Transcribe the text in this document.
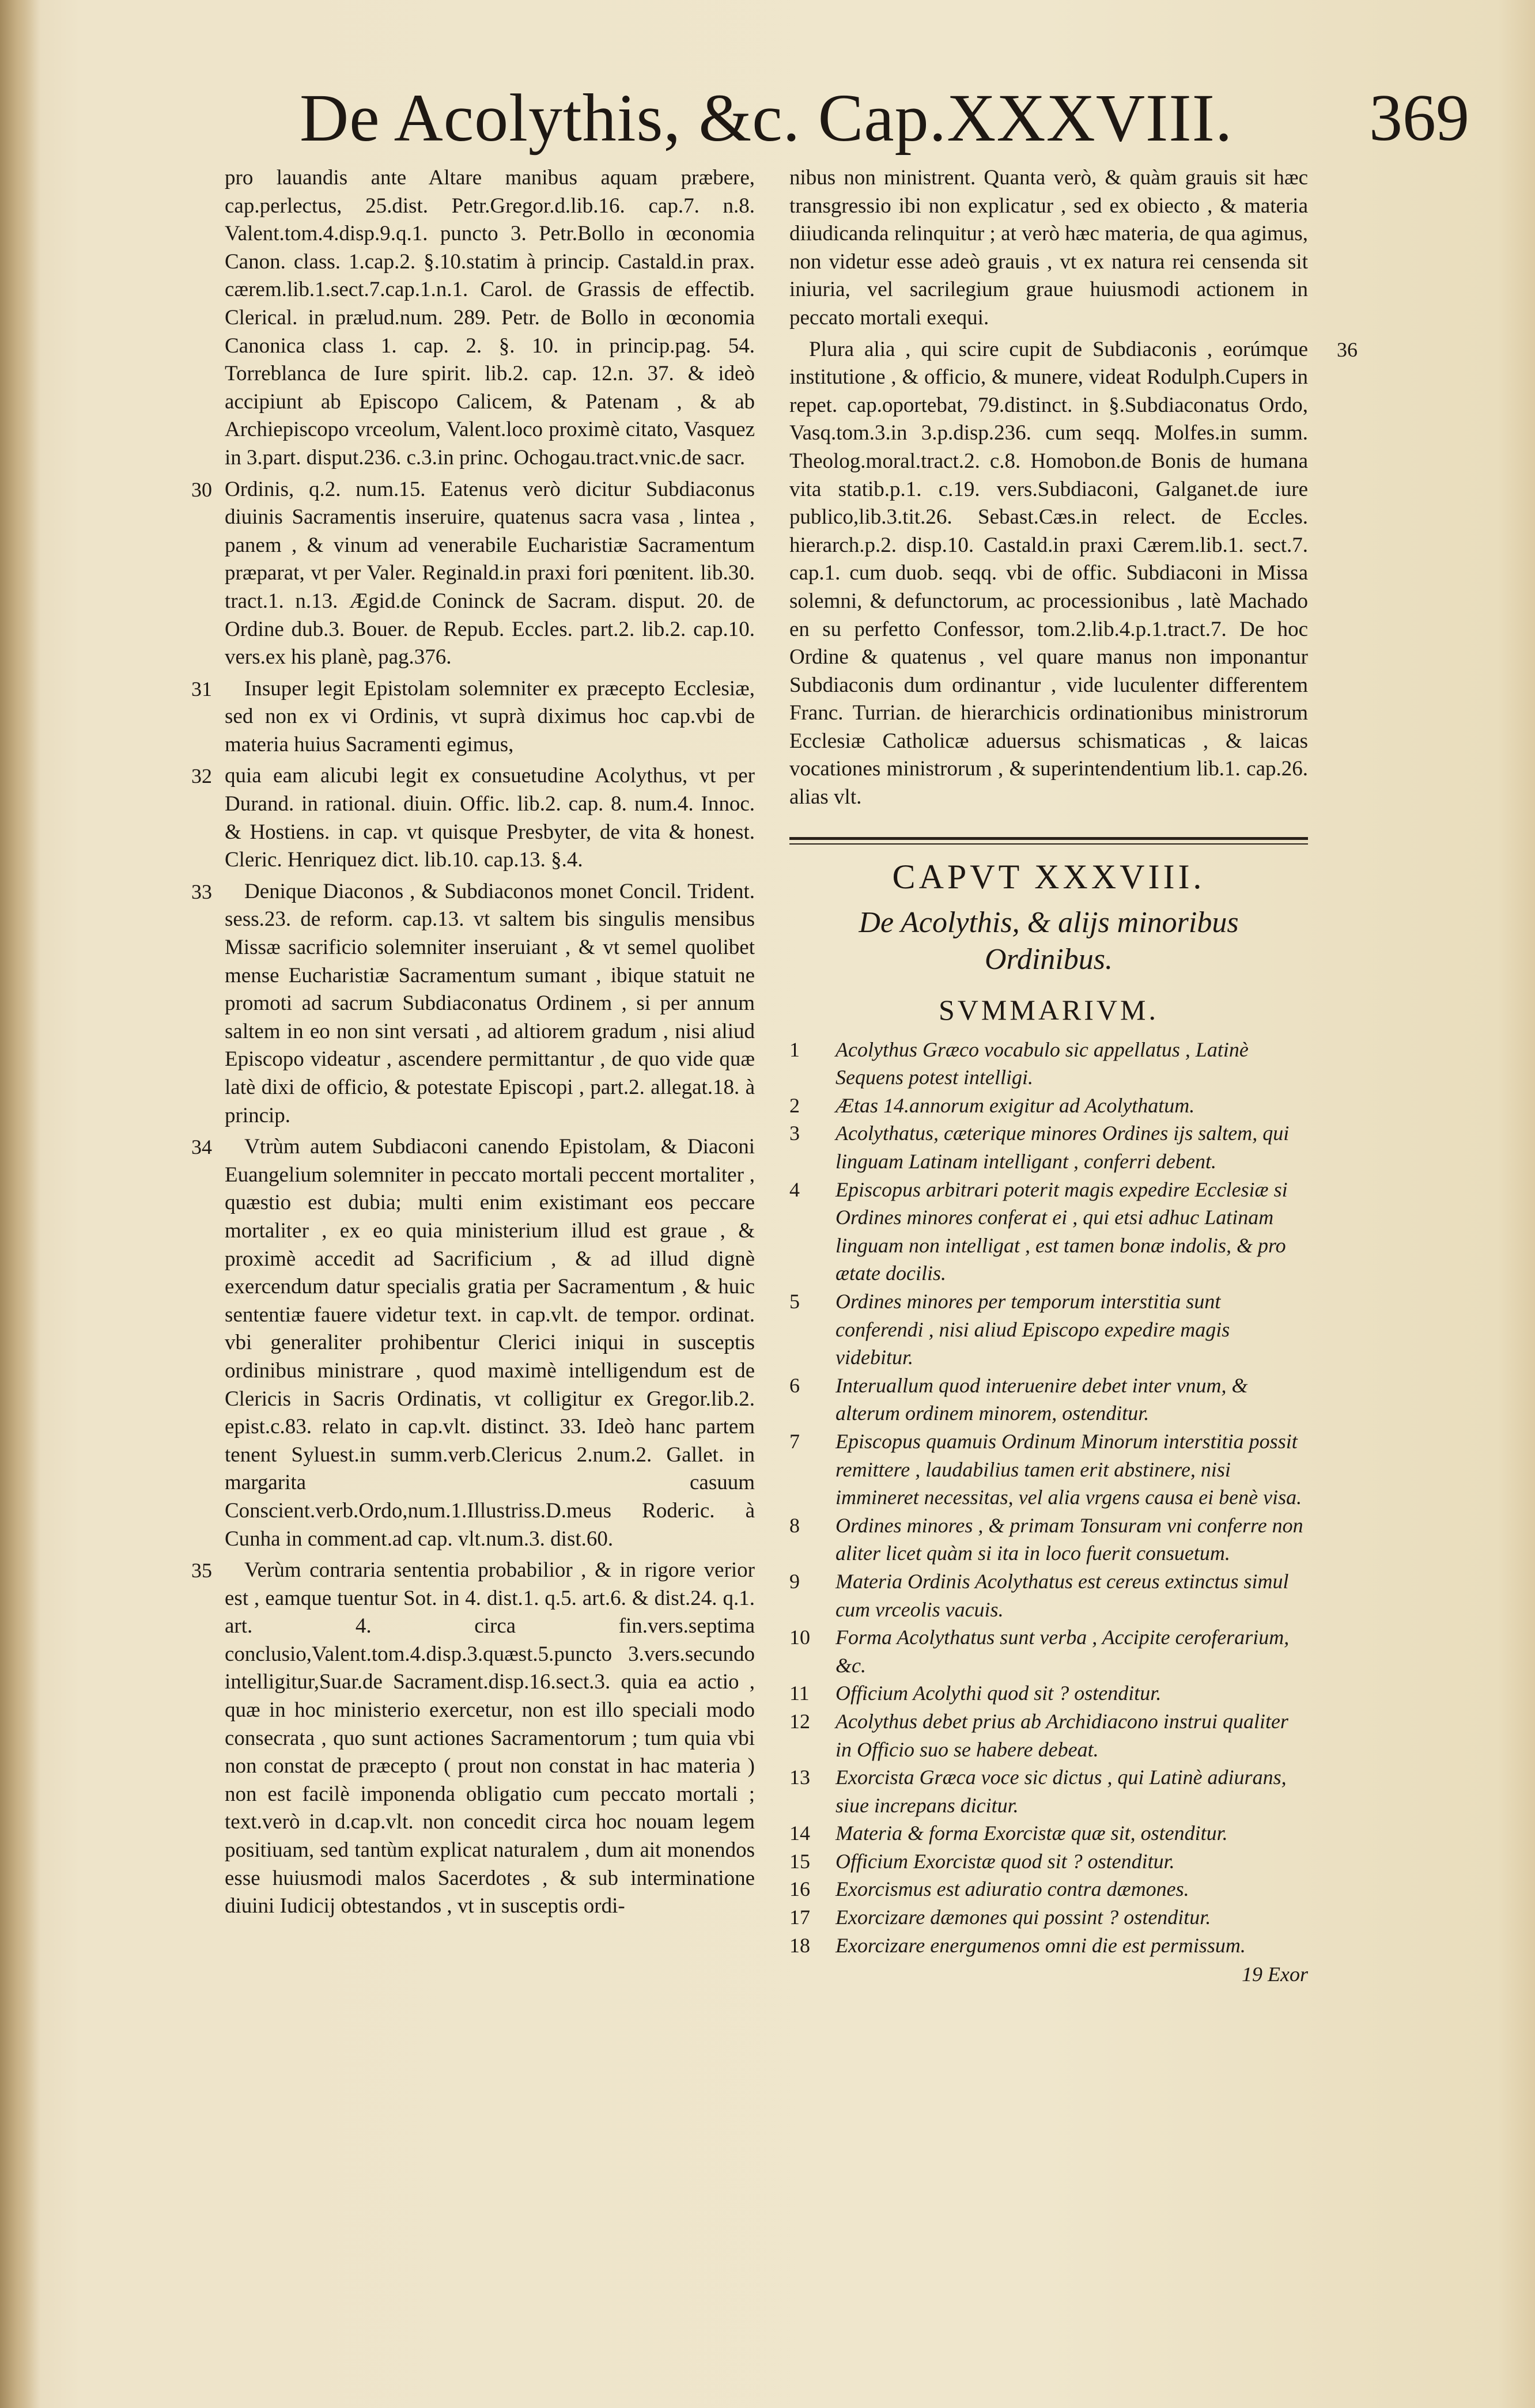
De Acolythis, &c. Cap.XXXVIII.	369

pro lauandis ante Altare manibus aquam præbere, cap.perlectus, 25.dist. Petr.Gregor.d.lib.16. cap.7. n.8. Valent.tom.4.disp.9.q.1. puncto 3. Petr.Bollo in œconomia Canon. class. 1.cap.2. §.10.statim à princip. Castald.in prax. cærem.lib.1.sect.7.cap.1.n.1. Carol. de Grassis de effectib. Clerical. in prælud.num. 289. Petr. de Bollo in œconomia Canonica class 1. cap. 2. §. 10. in princip.pag. 54. Torreblanca de Iure spirit. lib.2. cap. 12.n. 37. & ideò accipiunt ab Episcopo Calicem, & Patenam , & ab Archiepiscopo vrceolum, Valent.loco proximè citato, Vasquez in 3.part. disput.236. c.3.in princ. Ochogau.tract.vnic.de sacr.

30 Ordinis, q.2. num.15. Eatenus verò dicitur Subdiaconus diuinis Sacramentis inseruire, quatenus sacra vasa , lintea , panem , & vinum ad venerabile Eucharistiæ Sacramentum præparat, vt per Valer. Reginald.in praxi fori pœnitent. lib.30. tract.1. n.13. Ægid.de Coninck de Sacram. disput. 20. de Ordine dub.3. Bouer. de Repub. Eccles. part.2. lib.2. cap.10. vers.ex his planè, pag.376.

31 Insuper legit Epistolam solemniter ex præcepto Ecclesiæ, sed non ex vi Ordinis, vt suprà diximus hoc cap.vbi de materia huius Sacramenti egimus,

32 quia eam alicubi legit ex consuetudine Acolythus, vt per Durand. in rational. diuin. Offic. lib.2. cap. 8. num.4. Innoc. & Hostiens. in cap. vt quisque Presbyter, de vita & honest. Cleric. Henriquez dict. lib.10. cap.13. §.4.

33 Denique Diaconos , & Subdiaconos monet Concil. Trident. sess.23. de reform. cap.13. vt saltem bis singulis mensibus Missæ sacrificio solemniter inseruiant , & vt semel quolibet mense Eucharistiæ Sacramentum sumant , ibique statuit ne promoti ad sacrum Subdiaconatus Ordinem , si per annum saltem in eo non sint versati , ad altiorem gradum , nisi aliud Episcopo videatur , ascendere permittantur , de quo vide quæ latè dixi de officio, & potestate Episcopi , part.2. allegat.18. à princip.

34 Vtrùm autem Subdiaconi canendo Epistolam, & Diaconi Euangelium solemniter in peccato mortali peccent mortaliter , quæstio est dubia; multi enim existimant eos peccare mortaliter , ex eo quia ministerium illud est graue , & proximè accedit ad Sacrificium , & ad illud dignè exercendum datur specialis gratia per Sacramentum , & huic sententiæ fauere videtur text. in cap.vlt. de tempor. ordinat. vbi generaliter prohibentur Clerici iniqui in susceptis ordinibus ministrare , quod maximè intelligendum est de Clericis in Sacris Ordinatis, vt colligitur ex Gregor.lib.2. epist.c.83. relato in cap.vlt. distinct. 33. Ideò hanc partem tenent Syluest.in summ.verb.Clericus 2.num.2. Gallet. in margarita casuum Conscient.verb.Ordo,num.1.Illustriss.D.meus Roderic. à Cunha in comment.ad cap. vlt.num.3. dist.60.

35 Verùm contraria sententia probabilior , & in rigore verior est , eamque tuentur Sot. in 4. dist.1. q.5. art.6. & dist.24. q.1. art. 4. circa fin.vers.septima conclusio,Valent.tom.4.disp.3.quæst.5.puncto 3.vers.secundo intelligitur,Suar.de Sacrament.disp.16.sect.3. quia ea actio , quæ in hoc ministerio exercetur, non est illo speciali modo consecrata , quo sunt actiones Sacramentorum ; tum quia vbi non constat de præcepto ( prout non constat in hac materia ) non est facilè imponenda obligatio cum peccato mortali ; text.verò in d.cap.vlt. non concedit circa hoc nouam legem positiuam, sed tantùm explicat naturalem , dum ait monendos esse huiusmodi malos Sacerdotes , & sub interminatione diuini Iudicij obtestandos , vt in susceptis ordi-

nibus non ministrent. Quanta verò, & quàm grauis sit hæc transgressio ibi non explicatur , sed ex obiecto , & materia diiudicanda relinquitur ; at verò hæc materia, de qua agimus, non videtur esse adeò grauis , vt ex natura rei censenda sit iniuria, vel sacrilegium graue huiusmodi actionem in peccato mortali exequi.

36
Plura alia , qui scire cupit de Subdiaconis , eorúmque institutione , & officio, & munere, videat Rodulph.Cupers in repet. cap.oportebat, 79.distinct. in §.Subdiaconatus Ordo, Vasq.tom.3.in 3.p.disp.236. cum seqq. Molfes.in summ. Theolog.moral.tract.2. c.8. Homobon.de Bonis de humana vita statib.p.1. c.19. vers.Subdiaconi, Galganet.de iure publico,lib.3.tit.26. Sebast.Cæs.in relect. de Eccles. hierarch.p.2. disp.10. Castald.in praxi Cærem.lib.1. sect.7. cap.1. cum duob. seqq. vbi de offic. Subdiaconi in Missa solemni, & defunctorum, ac processionibus , latè Machado en su perfetto Confessor, tom.2.lib.4.p.1.tract.7. De hoc Ordine & quatenus , vel quare manus non imponantur Subdiaconis dum ordinantur , vide luculenter differentem Franc. Turrian. de hierarchicis ordinationibus ministrorum Ecclesiæ Catholicæ aduersus schismaticas , & laicas vocationes ministrorum , & superintendentium lib.1. cap.26. alias vlt.

CAPVT XXXVIII.
De Acolythis, & alijs minoribus Ordinibus.
SVMMARIVM.
1	Acolythus Græco vocabulo sic appellatus , Latinè Sequens potest intelligi.
2	Ætas 14.annorum exigitur ad Acolythatum.
3	Acolythatus, cæterique minores Ordines ijs saltem, qui linguam Latinam intelligant , conferri debent.
4	Episcopus arbitrari poterit magis expedire Ecclesiæ si Ordines minores conferat ei , qui etsi adhuc Latinam linguam non intelligat , est tamen bonæ indolis, & pro ætate docilis.
5	Ordines minores per temporum interstitia sunt conferendi , nisi aliud Episcopo expedire magis videbitur.
6	Interuallum quod interuenire debet inter vnum, & alterum ordinem minorem, ostenditur.
7	Episcopus quamuis Ordinum Minorum interstitia possit remittere , laudabilius tamen erit abstinere, nisi immineret necessitas, vel alia vrgens causa ei benè visa.
8	Ordines minores , & primam Tonsuram vni conferre non aliter licet quàm si ita in loco fuerit consuetum.
9	Materia Ordinis Acolythatus est cereus extinctus simul cum vrceolis vacuis.
10	Forma Acolythatus sunt verba , Accipite ceroferarium, &c.
11	Officium Acolythi quod sit ? ostenditur.
12	Acolythus debet prius ab Archidiacono instrui qualiter in Officio suo se habere debeat.
13	Exorcista Græca voce sic dictus , qui Latinè adiurans, siue increpans dicitur.
14	Materia & forma Exorcistæ quæ sit, ostenditur.
15	Officium Exorcistæ quod sit ? ostenditur.
16	Exorcismus est adiuratio contra dæmones.
17	Exorcizare dæmones qui possint ? ostenditur.
18	Exorcizare energumenos omni die est permissum.
19 Exor
